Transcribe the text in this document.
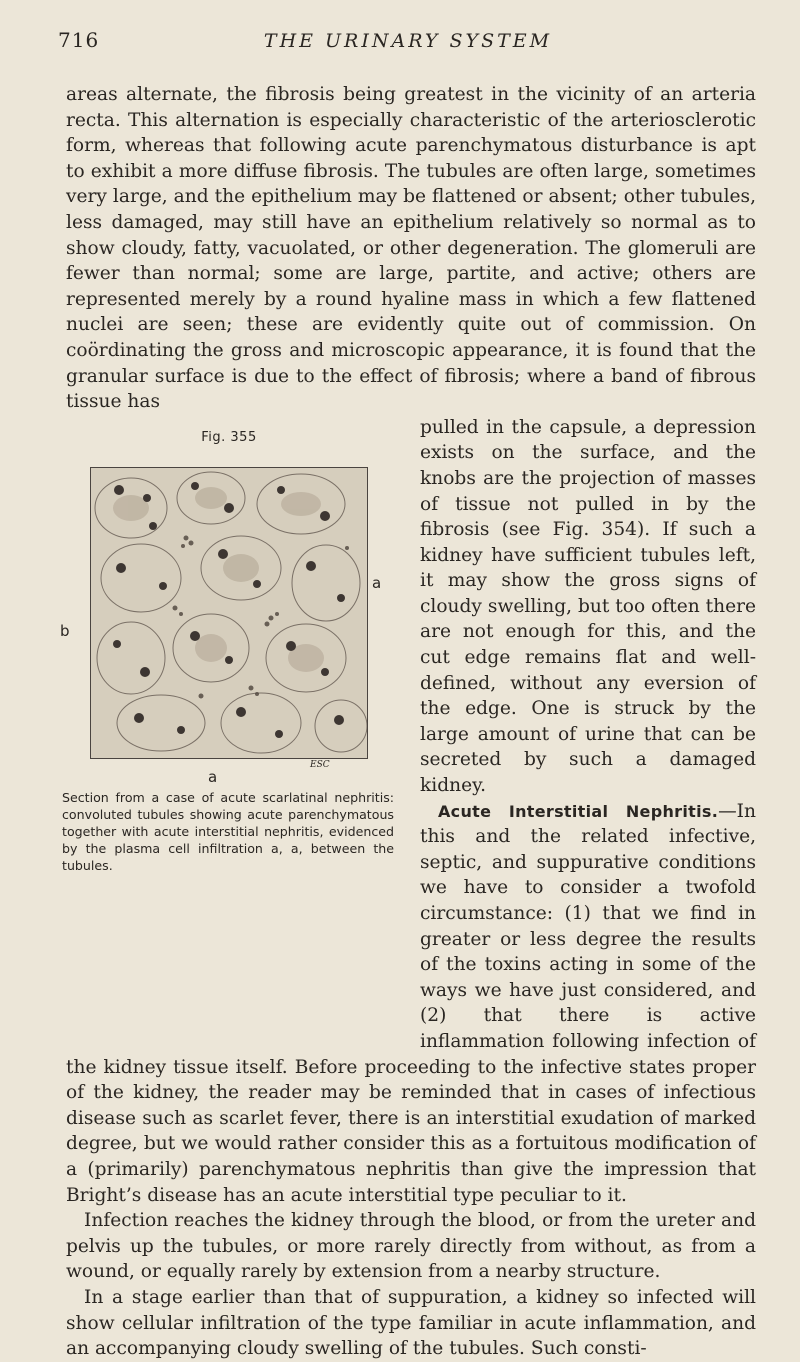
716	THE URINARY SYSTEM

areas alternate, the fibrosis being greatest in the vicinity of an arteria recta. This alternation is especially characteristic of the arteriosclerotic form, whereas that following acute parenchymatous disturbance is apt to exhibit a more diffuse fibrosis. The tubules are often large, sometimes very large, and the epithelium may be flattened or absent; other tubules, less damaged, may still have an epithelium relatively so normal as to show cloudy, fatty, vacuolated, or other degeneration. The glomeruli are fewer than normal; some are large, partite, and active; others are represented merely by a round hyaline mass in which a few flattened nuclei are seen; these are evidently quite out of commission. On coördinating the gross and microscopic appearance, it is found that the granular surface is due to the effect of fibrosis; where a band of fibrous tissue has

Fig. 355
b
a
a
ESC
Section from a case of acute scarlatinal nephritis: convoluted tubules showing acute parenchymatous together with acute interstitial nephritis, evidenced by the plasma cell infiltration a, a, between the tubules.

pulled in the capsule, a depression exists on the surface, and the knobs are the projection of masses of tissue not pulled in by the fibrosis (see Fig. 354). If such a kidney have sufficient tubules left, it may show the gross signs of cloudy swelling, but too often there are not enough for this, and the cut edge remains flat and well-defined, without any eversion of the edge. One is struck by the large amount of urine that can be secreted by such a damaged kidney.

Acute Interstitial Nephritis.—In this and the related infective, septic, and suppurative conditions we have to consider a twofold circumstance: (1) that we find in greater or less degree the results of the toxins acting in some of the ways we have just considered, and (2) that there is active inflammation following infection of the kidney tissue itself. Before proceeding to the infective states proper of the kidney, the reader may be reminded that in cases of infectious disease such as scarlet fever, there is an interstitial exudation of marked degree, but we would rather consider this as a fortuitous modification of a (primarily) parenchymatous nephritis than give the impression that Bright’s disease has an acute interstitial type peculiar to it.

Infection reaches the kidney through the blood, or from the ureter and pelvis up the tubules, or more rarely directly from without, as from a wound, or equally rarely by extension from a nearby structure.

In a stage earlier than that of suppuration, a kidney so infected will show cellular infiltration of the type familiar in acute inflammation, and an accompanying cloudy swelling of the tubules. Such consti-
